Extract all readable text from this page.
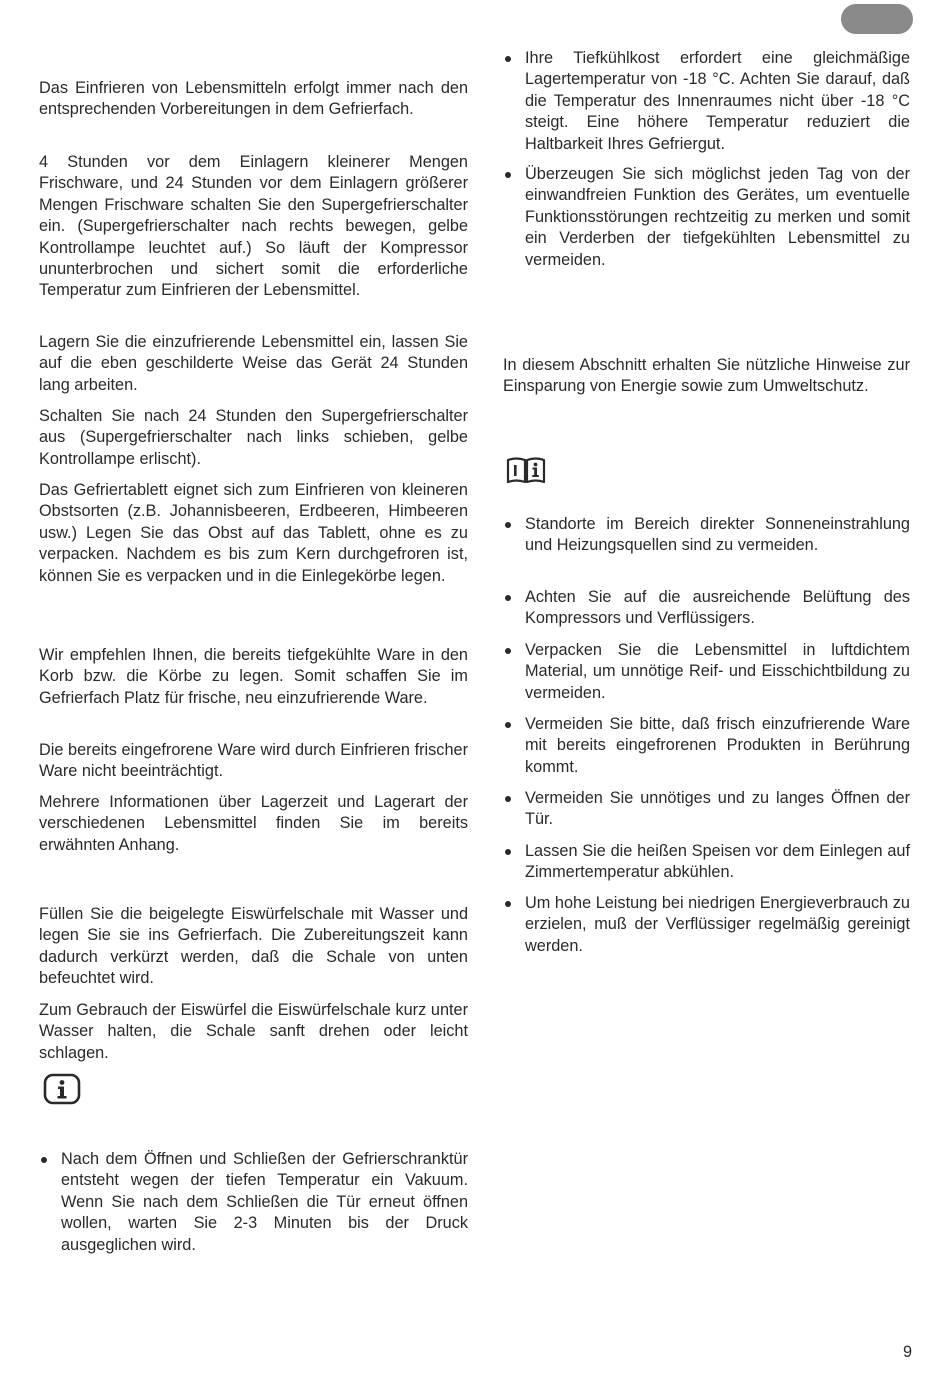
Das Einfrieren von Lebensmitteln erfolgt immer nach den entsprechenden Vorbereitungen in dem Gefrierfach.

4 Stunden vor dem Einlagern kleinerer Mengen Frischware, und 24 Stunden vor dem Einlagern größerer Mengen Frischware schalten Sie den Supergefrierschalter ein. (Supergefrierschalter nach rechts bewegen, gelbe Kontrollampe leuchtet auf.) So läuft der Kompressor ununterbrochen und sichert somit die erforderliche Temperatur zum Einfrieren der Lebensmittel.

Lagern Sie die einzufrierende Lebensmittel ein, lassen Sie auf die eben geschilderte Weise das Gerät 24 Stunden lang arbeiten.

Schalten Sie nach 24 Stunden den Supergefrierschalter aus (Supergefrierschalter nach links schieben, gelbe Kontrollampe erlischt).

Das Gefriertablett eignet sich zum Einfrieren von kleineren Obstsorten (z.B. Johannisbeeren, Erdbeeren, Himbeeren usw.) Legen Sie das Obst auf das Tablett, ohne es zu verpacken. Nachdem es bis zum Kern durchgefroren ist, können Sie es verpacken und in die Einlegekörbe legen.

Wir empfehlen Ihnen, die bereits tiefgekühlte Ware in den Korb bzw. die Körbe zu legen. Somit schaffen Sie im Gefrierfach Platz für frische, neu einzufrierende Ware.

Die bereits eingefrorene Ware wird durch Einfrieren frischer Ware nicht beeinträchtigt.

Mehrere Informationen über Lagerzeit und Lagerart der verschiedenen Lebensmittel finden Sie im bereits erwähnten Anhang.

Füllen Sie die beigelegte Eiswürfelschale mit Wasser und legen Sie sie ins Gefrierfach. Die Zubereitungszeit kann dadurch verkürzt werden, daß die Schale von unten befeuchtet wird.

Zum Gebrauch der Eiswürfel die Eiswürfelschale kurz unter Wasser halten, die Schale sanft drehen oder leicht schlagen.

Nach dem Öffnen und Schließen der Gefrierschranktür entsteht wegen der tiefen Temperatur ein Vakuum. Wenn Sie nach dem Schließen die Tür erneut öffnen wollen, warten Sie 2-3 Minuten bis der Druck ausgeglichen wird.
Ihre Tiefkühlkost erfordert eine gleichmäßige Lagertemperatur von -18 °C. Achten Sie darauf, daß die Temperatur des Innenraumes nicht über -18 °C steigt. Eine höhere Temperatur reduziert die Haltbarkeit Ihres Gefriergut.
Überzeugen Sie sich möglichst jeden Tag von der einwandfreien Funktion des Gerätes, um eventuelle Funktionsstörungen rechtzeitig zu merken und somit ein Verderben der tiefgekühlten Lebensmittel zu vermeiden.

In diesem Abschnitt erhalten Sie nützliche Hinweise zur Einsparung von Energie sowie zum Umweltschutz.

Standorte im Bereich direkter Sonneneinstrahlung und Heizungsquellen sind zu vermeiden.
Achten Sie auf die ausreichende Belüftung des Kompressors und Verflüssigers.
Verpacken Sie die Lebensmittel in luftdichtem Material, um unnötige Reif- und Eisschichtbildung zu vermeiden.
Vermeiden Sie bitte, daß frisch einzufrierende Ware mit bereits eingefrorenen Produkten in Berührung kommt.
Vermeiden Sie unnötiges und zu langes Öffnen der Tür.
Lassen Sie die heißen Speisen vor dem Einlegen auf Zimmertemperatur abkühlen.
Um hohe Leistung bei niedrigen Energieverbrauch zu erzielen, muß der Verflüssiger regelmäßig gereinigt werden.
9
